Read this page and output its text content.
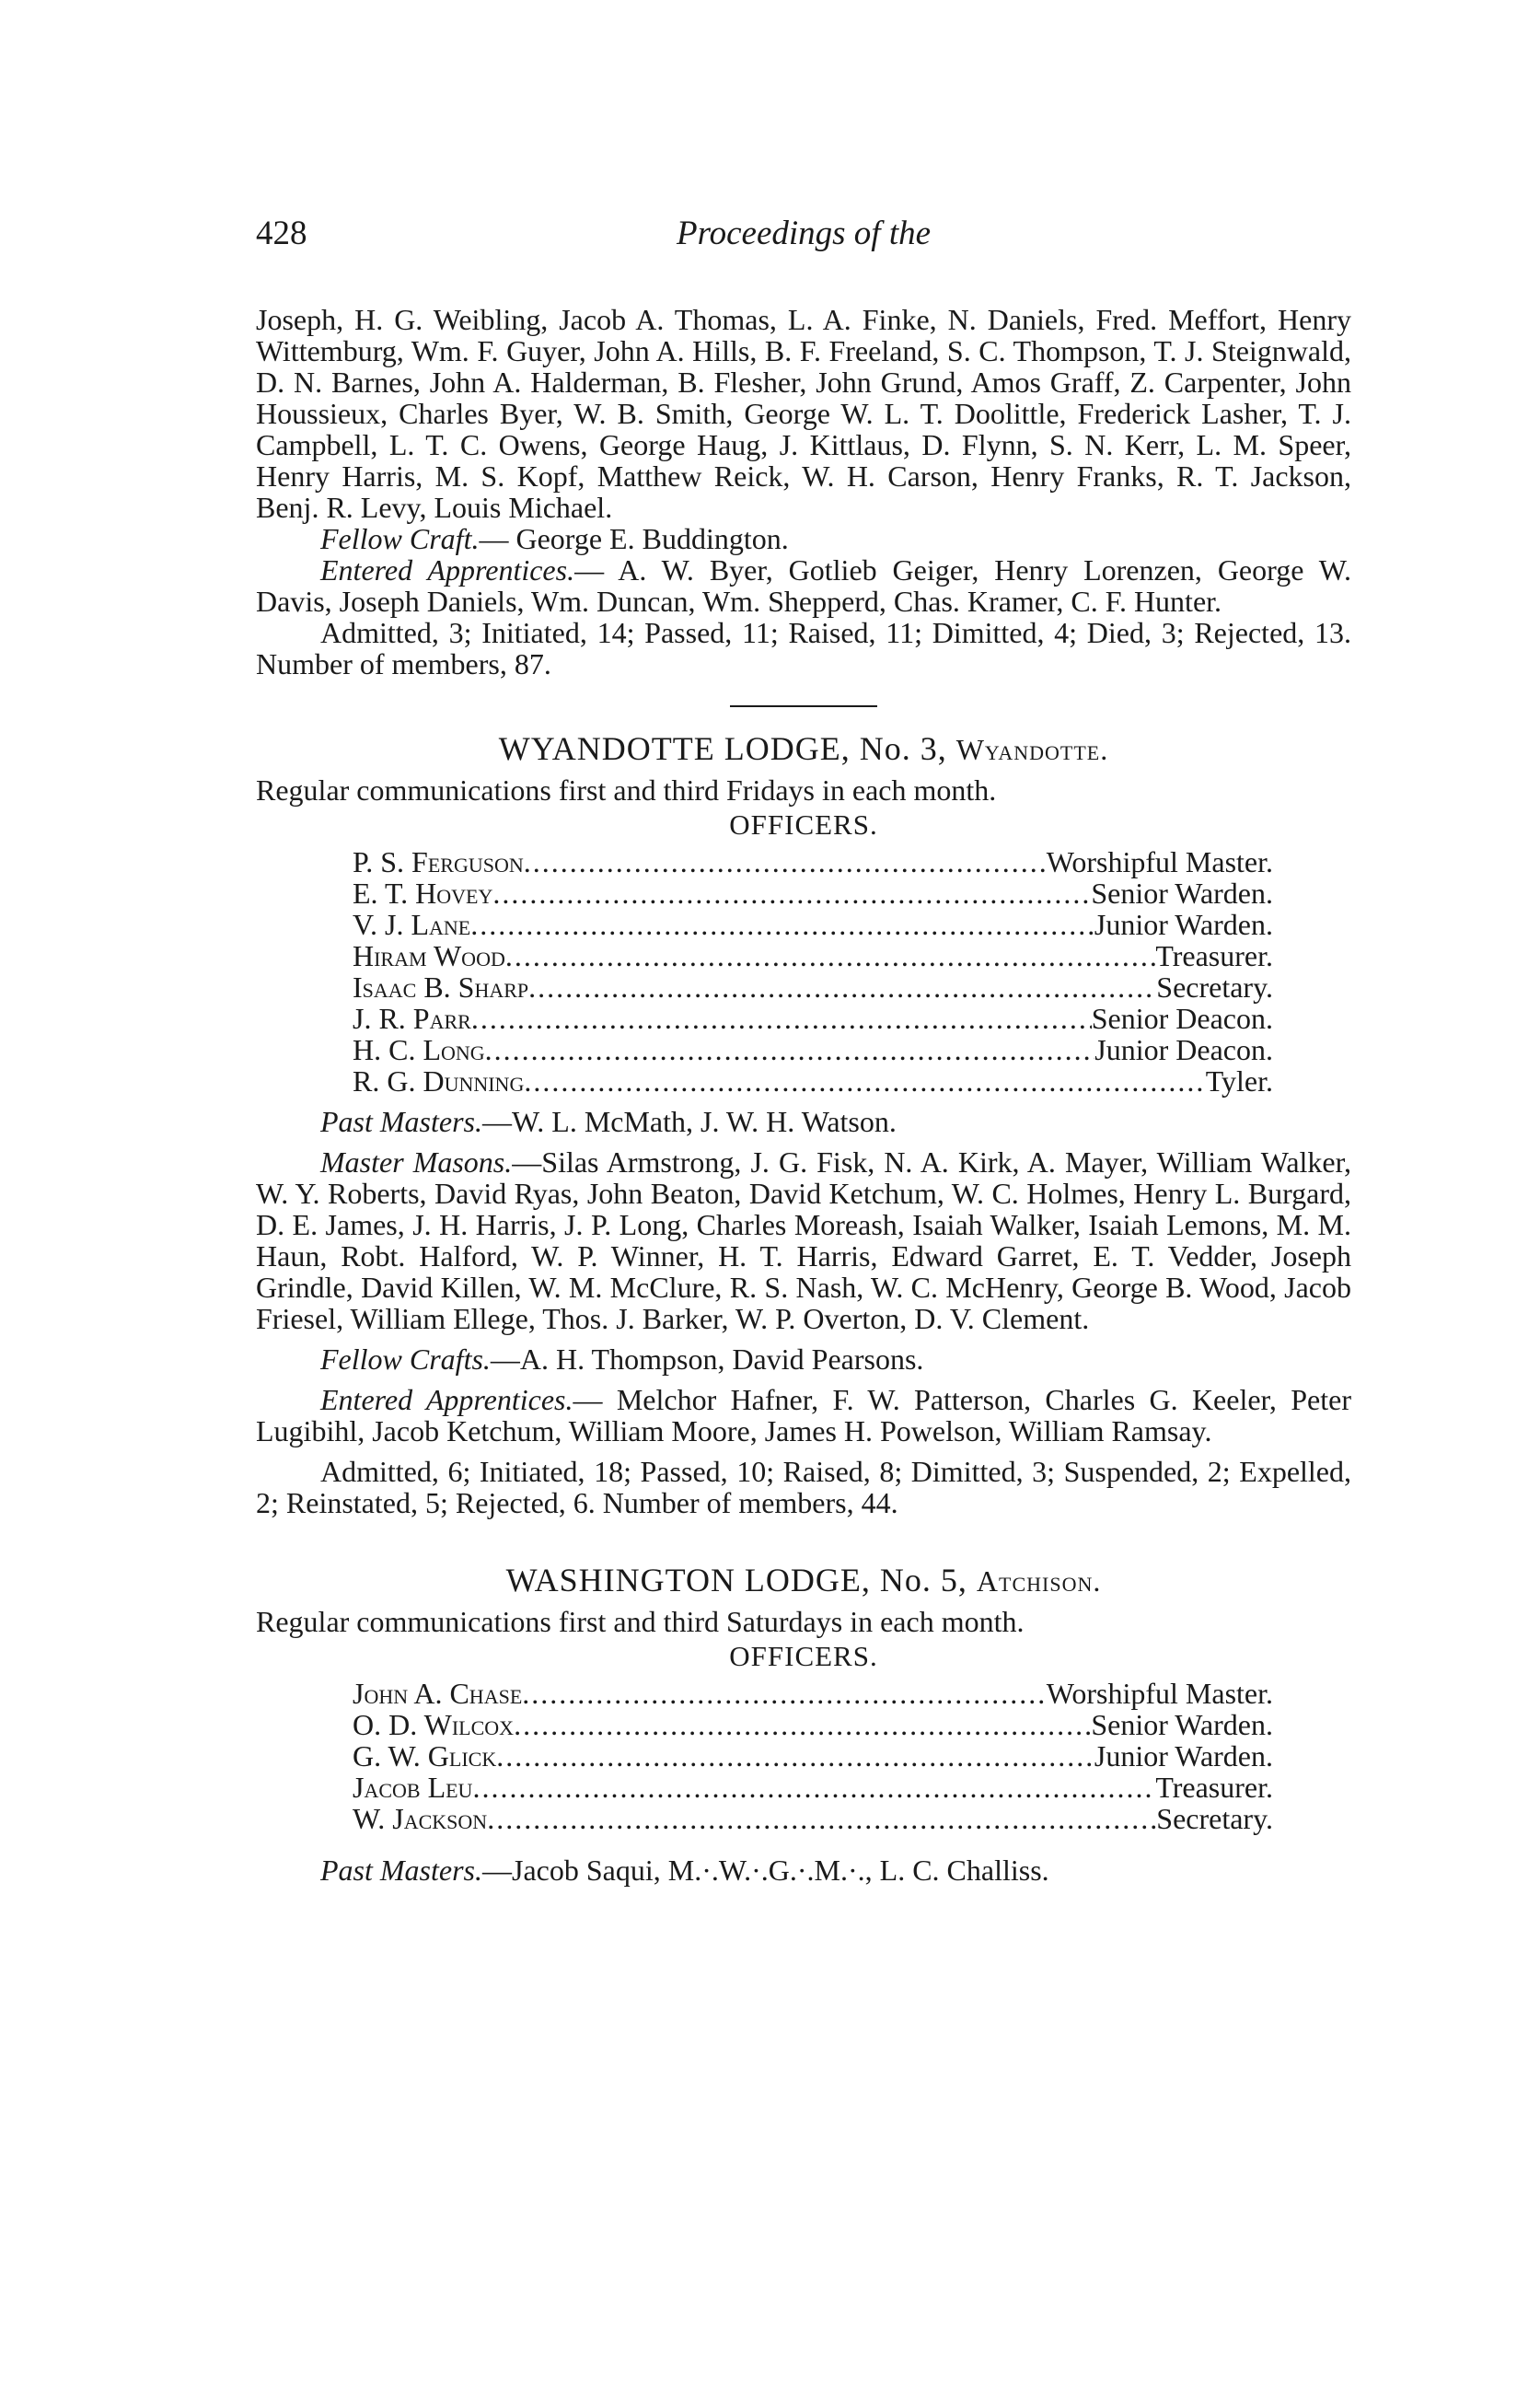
428	Proceedings of the

Joseph, H. G. Weibling, Jacob A. Thomas, L. A. Finke, N. Daniels, Fred. Meffort, Henry Wittemburg, Wm. F. Guyer, John A. Hills, B. F. Freeland, S. C. Thompson, T. J. Steignwald, D. N. Barnes, John A. Halderman, B. Flesher, John Grund, Amos Graff, Z. Carpenter, John Houssieux, Charles Byer, W. B. Smith, George W. L. T. Doolittle, Frederick Lasher, T. J. Campbell, L. T. C. Owens, George Haug, J. Kittlaus, D. Flynn, S. N. Kerr, L. M. Speer, Henry Harris, M. S. Kopf, Matthew Reick, W. H. Carson, Henry Franks, R. T. Jackson, Benj. R. Levy, Louis Michael.

Fellow Craft.— George E. Buddington.

Entered Apprentices.— A. W. Byer, Gotlieb Geiger, Henry Lorenzen, George W. Davis, Joseph Daniels, Wm. Duncan, Wm. Shepperd, Chas. Kramer, C. F. Hunter.

Admitted, 3; Initiated, 14; Passed, 11; Raised, 11; Dimitted, 4; Died, 3; Rejected, 13. Number of members, 87.

WYANDOTTE LODGE, No. 3, Wyandotte.

Regular communications first and third Fridays in each month.

OFFICERS.
P. S. Ferguson .....	Worshipful Master.
E. T. Hovey .....	Senior Warden.
V. J. Lane .....	Junior Warden.
Hiram Wood .....	Treasurer.
Isaac B. Sharp .....	Secretary.
J. R. Parr .....	Senior Deacon.
H. C. Long .....	Junior Deacon.
R. G. Dunning .....	Tyler.

Past Masters.—W. L. McMath, J. W. H. Watson.

Master Masons.—Silas Armstrong, J. G. Fisk, N. A. Kirk, A. Mayer, William Walker, W. Y. Roberts, David Ryas, John Beaton, David Ketchum, W. C. Holmes, Henry L. Burgard, D. E. James, J. H. Harris, J. P. Long, Charles Moreash, Isaiah Walker, Isaiah Lemons, M. M. Haun, Robt. Halford, W. P. Winner, H. T. Harris, Edward Garret, E. T. Vedder, Joseph Grindle, David Killen, W. M. McClure, R. S. Nash, W. C. McHenry, George B. Wood, Jacob Friesel, William Ellege, Thos. J. Barker, W. P. Overton, D. V. Clement.

Fellow Crafts.—A. H. Thompson, David Pearsons.

Entered Apprentices.— Melchor Hafner, F. W. Patterson, Charles G. Keeler, Peter Lugibihl, Jacob Ketchum, William Moore, James H. Powelson, William Ramsay.

Admitted, 6; Initiated, 18; Passed, 10; Raised, 8; Dimitted, 3; Suspended, 2; Expelled, 2; Reinstated, 5; Rejected, 6. Number of members, 44.

WASHINGTON LODGE, No. 5, Atchison.

Regular communications first and third Saturdays in each month.

OFFICERS.
John A. Chase .....	Worshipful Master.
O. D. Wilcox .....	Senior Warden.
G. W. Glick .....	Junior Warden.
Jacob Leu .....	Treasurer.
W. Jackson .....	Secretary.

Past Masters.—Jacob Saqui, M.·.W.·.G.·.M.·., L. C. Challiss.
